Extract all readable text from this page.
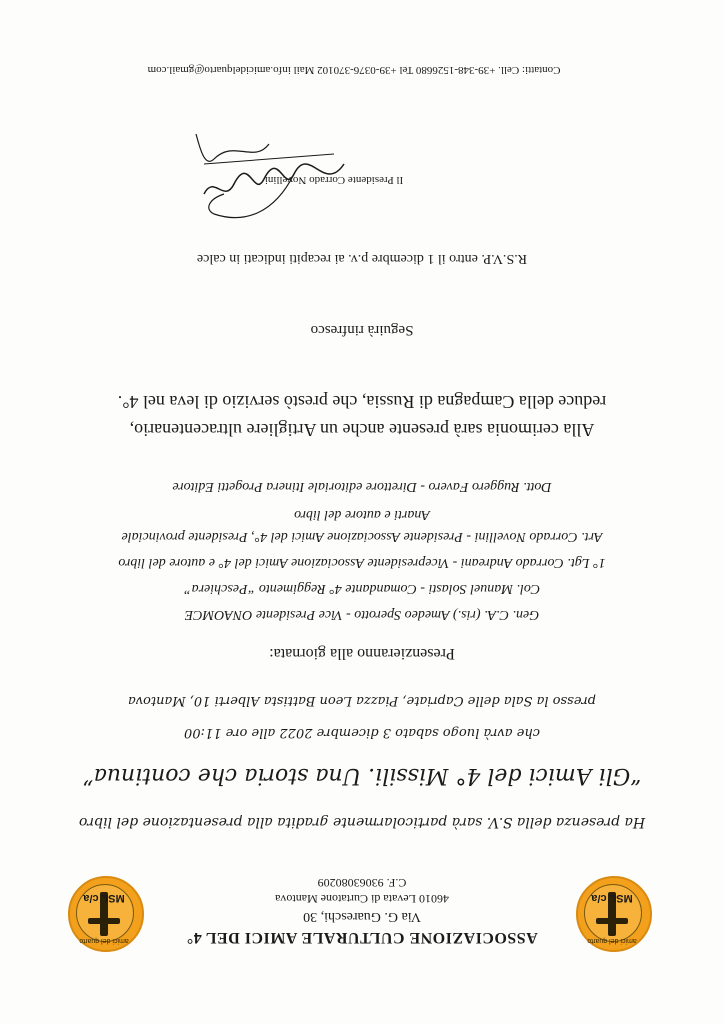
amici del quarto
MSL c/a
amici del quarto
MSL c/a
ASSOCIAZIONE CULTURALE AMICI DEL 4°
Via G. Guareschi, 30
46010 Levata di Curtatone Mantova
C.F. 93063080209
Ha presenza della S.V. sarà particolarmente gradita alla presentazione del libro
“Gli Amici del 4° Missili. Una storia che continua”
che avrà luogo sabato 3 dicembre 2022 alle ore 11:00
presso la Sala delle Capriate, Piazza Leon Battista Alberti 10, Mantova
Presenzieranno alla giornata:
Gen. C.A. (ris.) Amedeo Sperotto - Vice Presidente ONAOMCE
Col. Manuel Solasti - Comandante 4° Reggimento “Peschiera”
1° Lgt. Corrado Andreani - Vicepresidente Associazione Amici del 4° e autore del libro
Art. Corrado Novellini - Presidente Associazione Amici del 4°, Presidente provinciale
Anarti e autore del libro
Dott. Ruggero Favero - Direttore editoriale Itinera Progetti Editore
Alla cerimonia sarà presente anche un Artigliere ultracentenario,
reduce della Campagna di Russia, che prestò servizio di leva nel 4°.
Seguirà rinfresco
R.S.V.P. entro il 1 dicembre p.v. ai recapiti indicati in calce
Il Presidente Corrado Novellini
Contatti: Cell. +39-348-1526680 Tel +39-0376-370102 Mail info.amicidelquarto@gmail.com
